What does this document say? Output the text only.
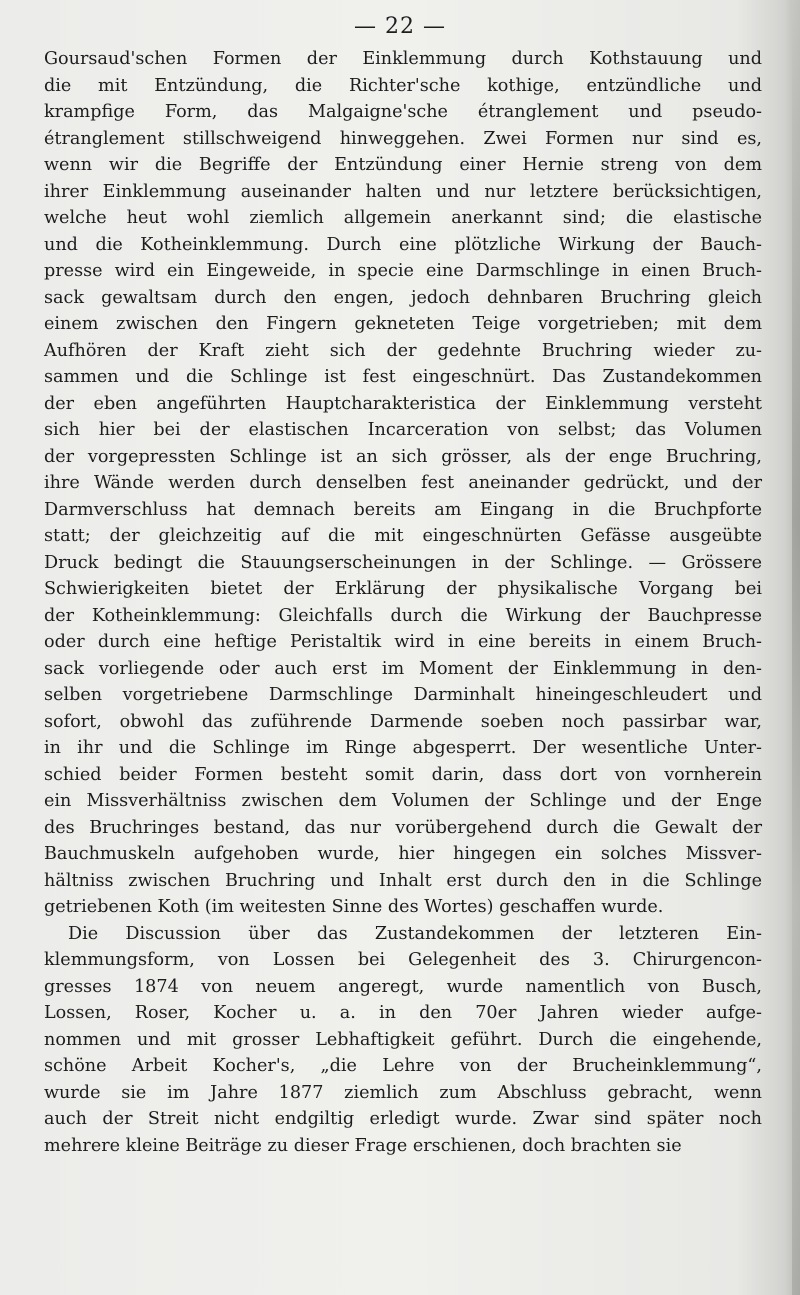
— 22 —
Goursaud'schen Formen der Einklemmung durch Kothstauung und
die mit Entzündung, die Richter'sche kothige, entzündliche und
krampfige Form, das Malgaigne'sche étranglement und pseudo-
étranglement stillschweigend hinweggehen. Zwei Formen nur sind es,
wenn wir die Begriffe der Entzündung einer Hernie streng von dem
ihrer Einklemmung auseinander halten und nur letztere berücksichtigen,
welche heut wohl ziemlich allgemein anerkannt sind; die elastische
und die Kotheinklemmung. Durch eine plötzliche Wirkung der Bauch-
presse wird ein Eingeweide, in specie eine Darmschlinge in einen Bruch-
sack gewaltsam durch den engen, jedoch dehnbaren Bruchring gleich
einem zwischen den Fingern gekneteten Teige vorgetrieben; mit dem
Aufhören der Kraft zieht sich der gedehnte Bruchring wieder zu-
sammen und die Schlinge ist fest eingeschnürt. Das Zustandekommen
der eben angeführten Hauptcharakteristica der Einklemmung versteht
sich hier bei der elastischen Incarceration von selbst; das Volumen
der vorgepressten Schlinge ist an sich grösser, als der enge Bruchring,
ihre Wände werden durch denselben fest aneinander gedrückt, und der
Darmverschluss hat demnach bereits am Eingang in die Bruchpforte
statt; der gleichzeitig auf die mit eingeschnürten Gefässe ausgeübte
Druck bedingt die Stauungserscheinungen in der Schlinge. — Grössere
Schwierigkeiten bietet der Erklärung der physikalische Vorgang bei
der Kotheinklemmung: Gleichfalls durch die Wirkung der Bauchpresse
oder durch eine heftige Peristaltik wird in eine bereits in einem Bruch-
sack vorliegende oder auch erst im Moment der Einklemmung in den-
selben vorgetriebene Darmschlinge Darminhalt hineingeschleudert und
sofort, obwohl das zuführende Darmende soeben noch passirbar war,
in ihr und die Schlinge im Ringe abgesperrt. Der wesentliche Unter-
schied beider Formen besteht somit darin, dass dort von vornherein
ein Missverhältniss zwischen dem Volumen der Schlinge und der Enge
des Bruchringes bestand, das nur vorübergehend durch die Gewalt der
Bauchmuskeln aufgehoben wurde, hier hingegen ein solches Missver-
hältniss zwischen Bruchring und Inhalt erst durch den in die Schlinge
getriebenen Koth (im weitesten Sinne des Wortes) geschaffen wurde.
Die Discussion über das Zustandekommen der letzteren Ein-
klemmungsform, von Lossen bei Gelegenheit des 3. Chirurgencon-
gresses 1874 von neuem angeregt, wurde namentlich von Busch,
Lossen, Roser, Kocher u. a. in den 70er Jahren wieder aufge-
nommen und mit grosser Lebhaftigkeit geführt. Durch die eingehende,
schöne Arbeit Kocher's, „die Lehre von der Brucheinklemmung“,
wurde sie im Jahre 1877 ziemlich zum Abschluss gebracht, wenn
auch der Streit nicht endgiltig erledigt wurde. Zwar sind später noch
mehrere kleine Beiträge zu dieser Frage erschienen, doch brachten sie
